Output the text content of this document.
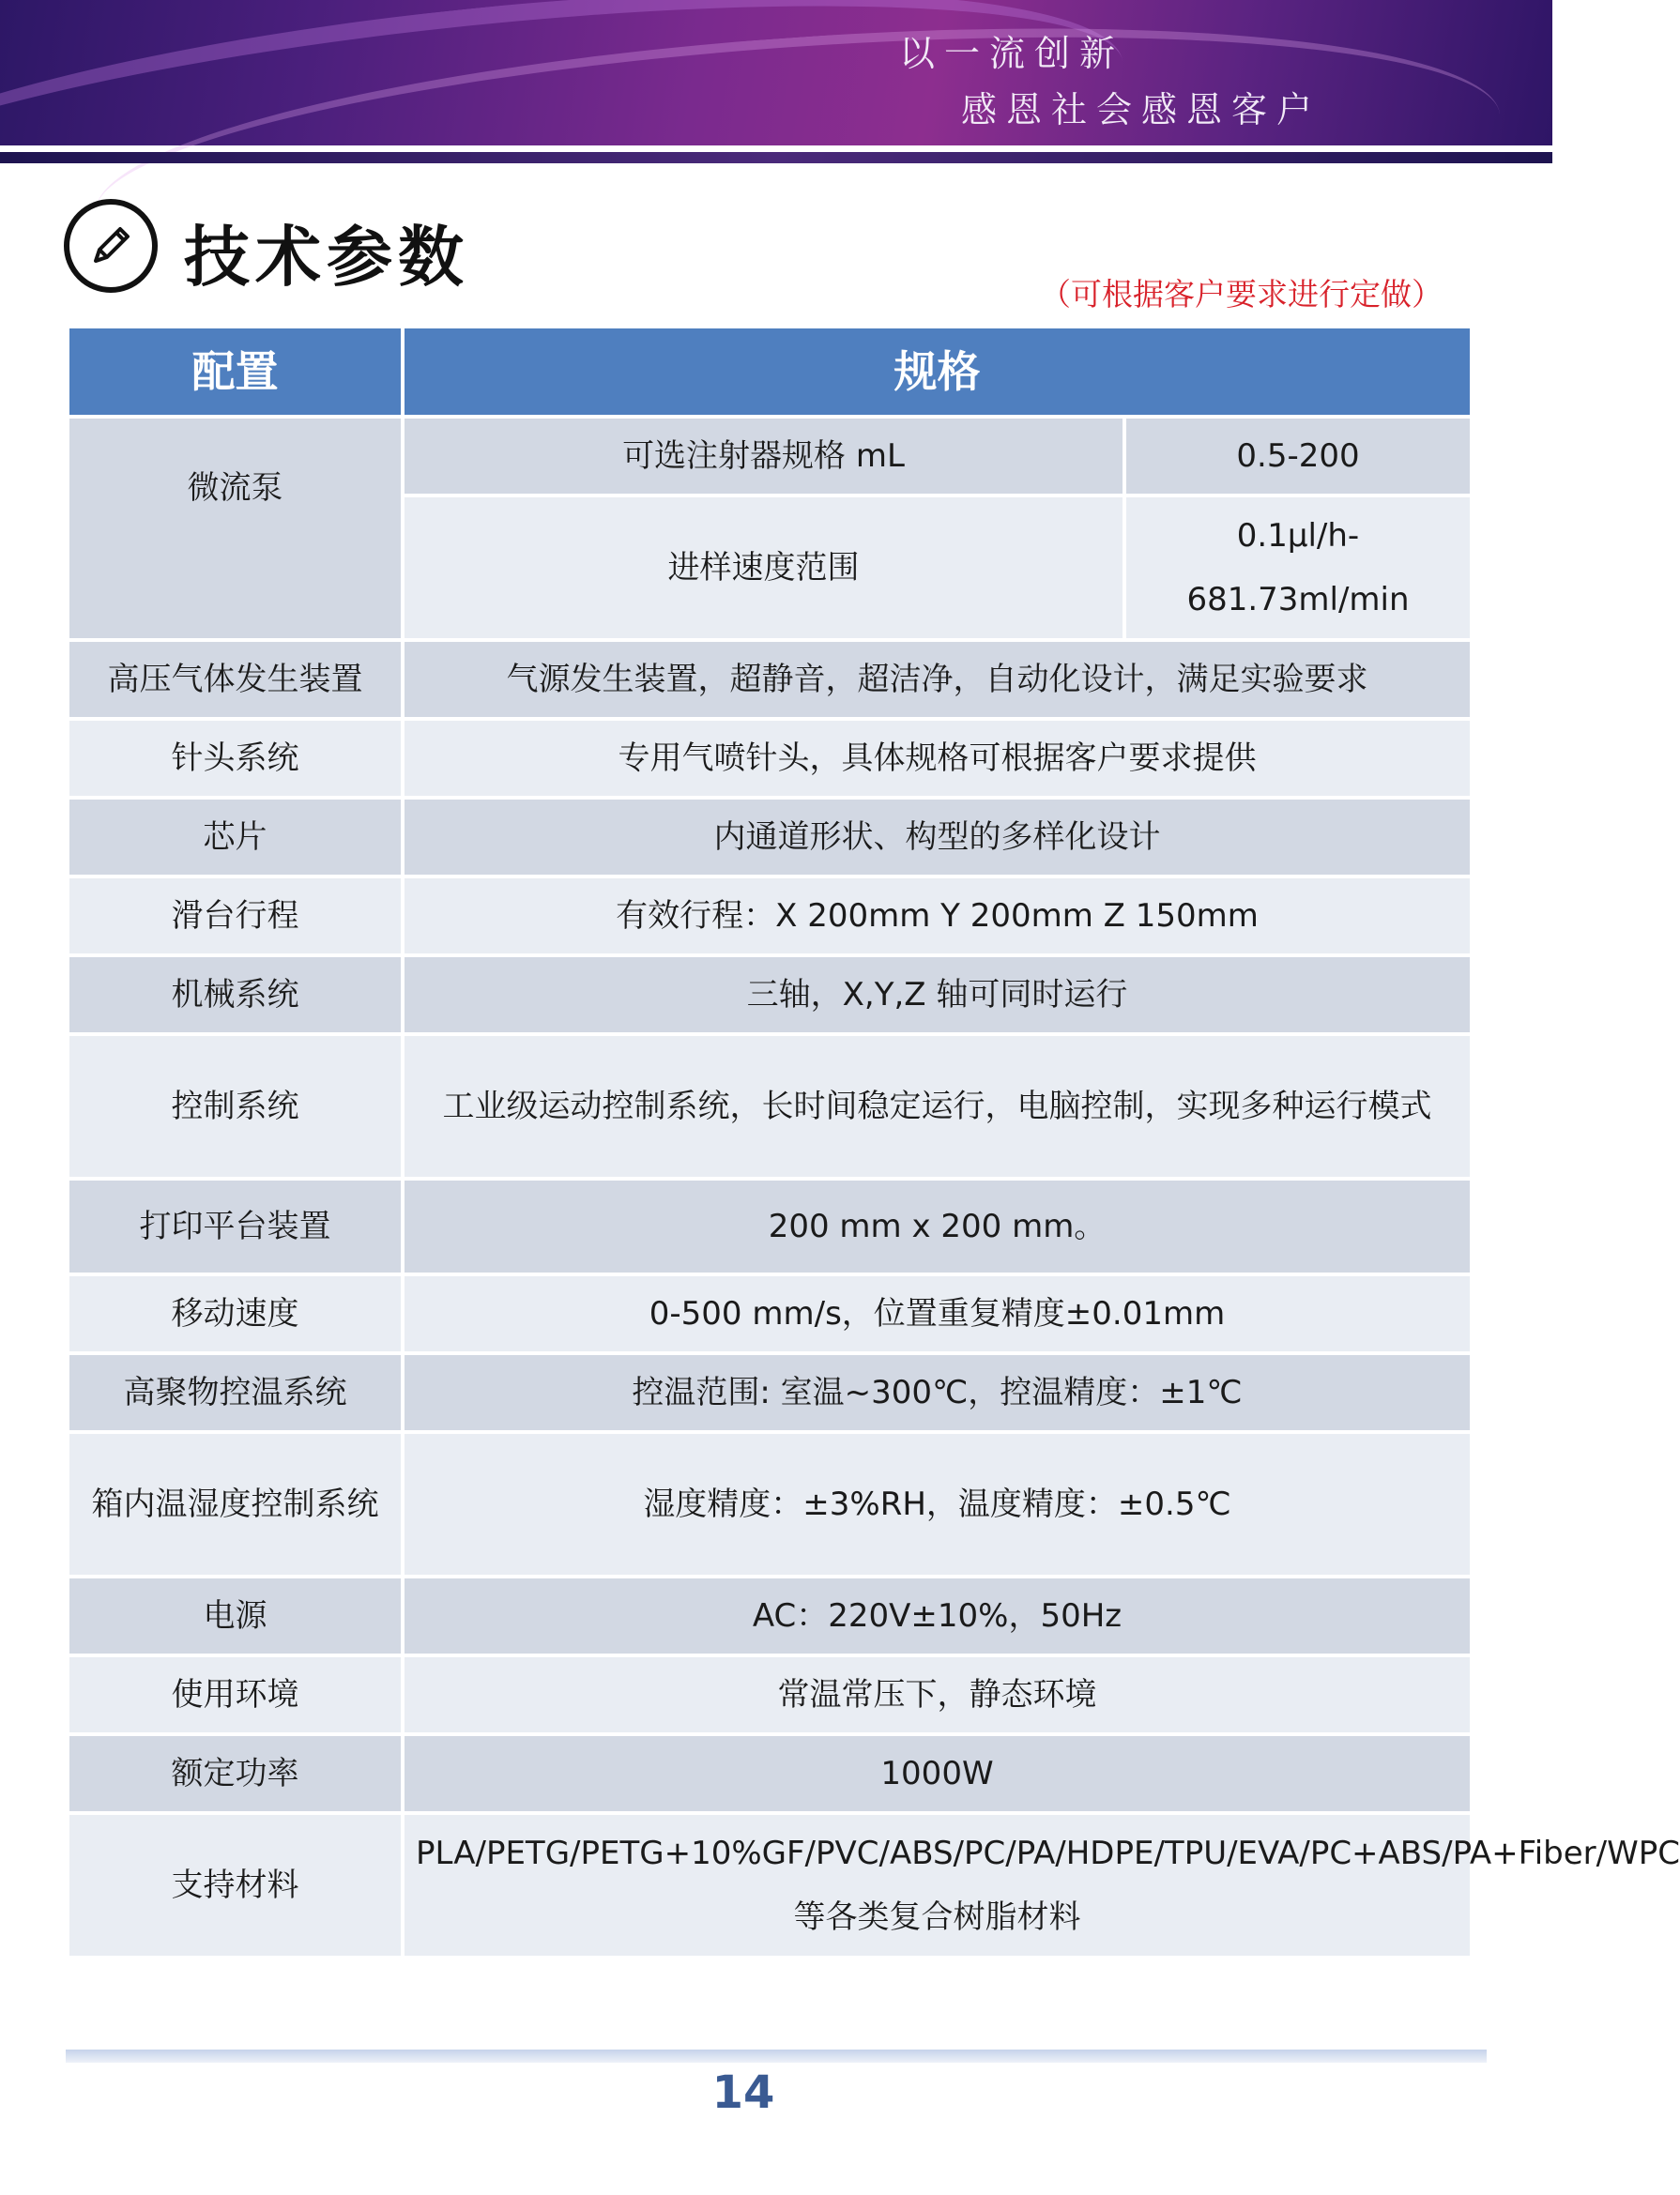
以一流创新
感恩社会感恩客户
技术参数	（可根据客户要求进行定做）
配置	规格	
微流泵	可选注射器规格 mL	0.5-200
	进样速度范围	0.1μl/h-
681.73ml/min
高压气体发生装置	气源发生装置，超静音，超洁净，自动化设计，满足实验要求	
针头系统	专用气喷针头，具体规格可根据客户要求提供	
芯片	内通道形状、构型的多样化设计	
滑台行程	有效行程：X 200mm Y 200mm Z 150mm	
机械系统	三轴，X,Y,Z 轴可同时运行	
控制系统	工业级运动控制系统，长时间稳定运行，电脑控制，实现多种运行模式	
打印平台装置	200 mm x 200 mm。	
移动速度	0-500 mm/s，位置重复精度±0.01mm	
高聚物控温系统	控温范围: 室温~300℃，控温精度：±1℃	
箱内温湿度控制系统	湿度精度：±3%RH，温度精度：±0.5℃	
电源	AC：220V±10%，50Hz	
使用环境	常温常压下，静态环境	
额定功率	1000W	
支持材料	PLA/PETG/PETG+10%GF/PVC/ABS/PC/PA/HDPE/TPU/EVA/PC+ABS/PA+Fiber/WPC 等各类复合树脂材料	
14
